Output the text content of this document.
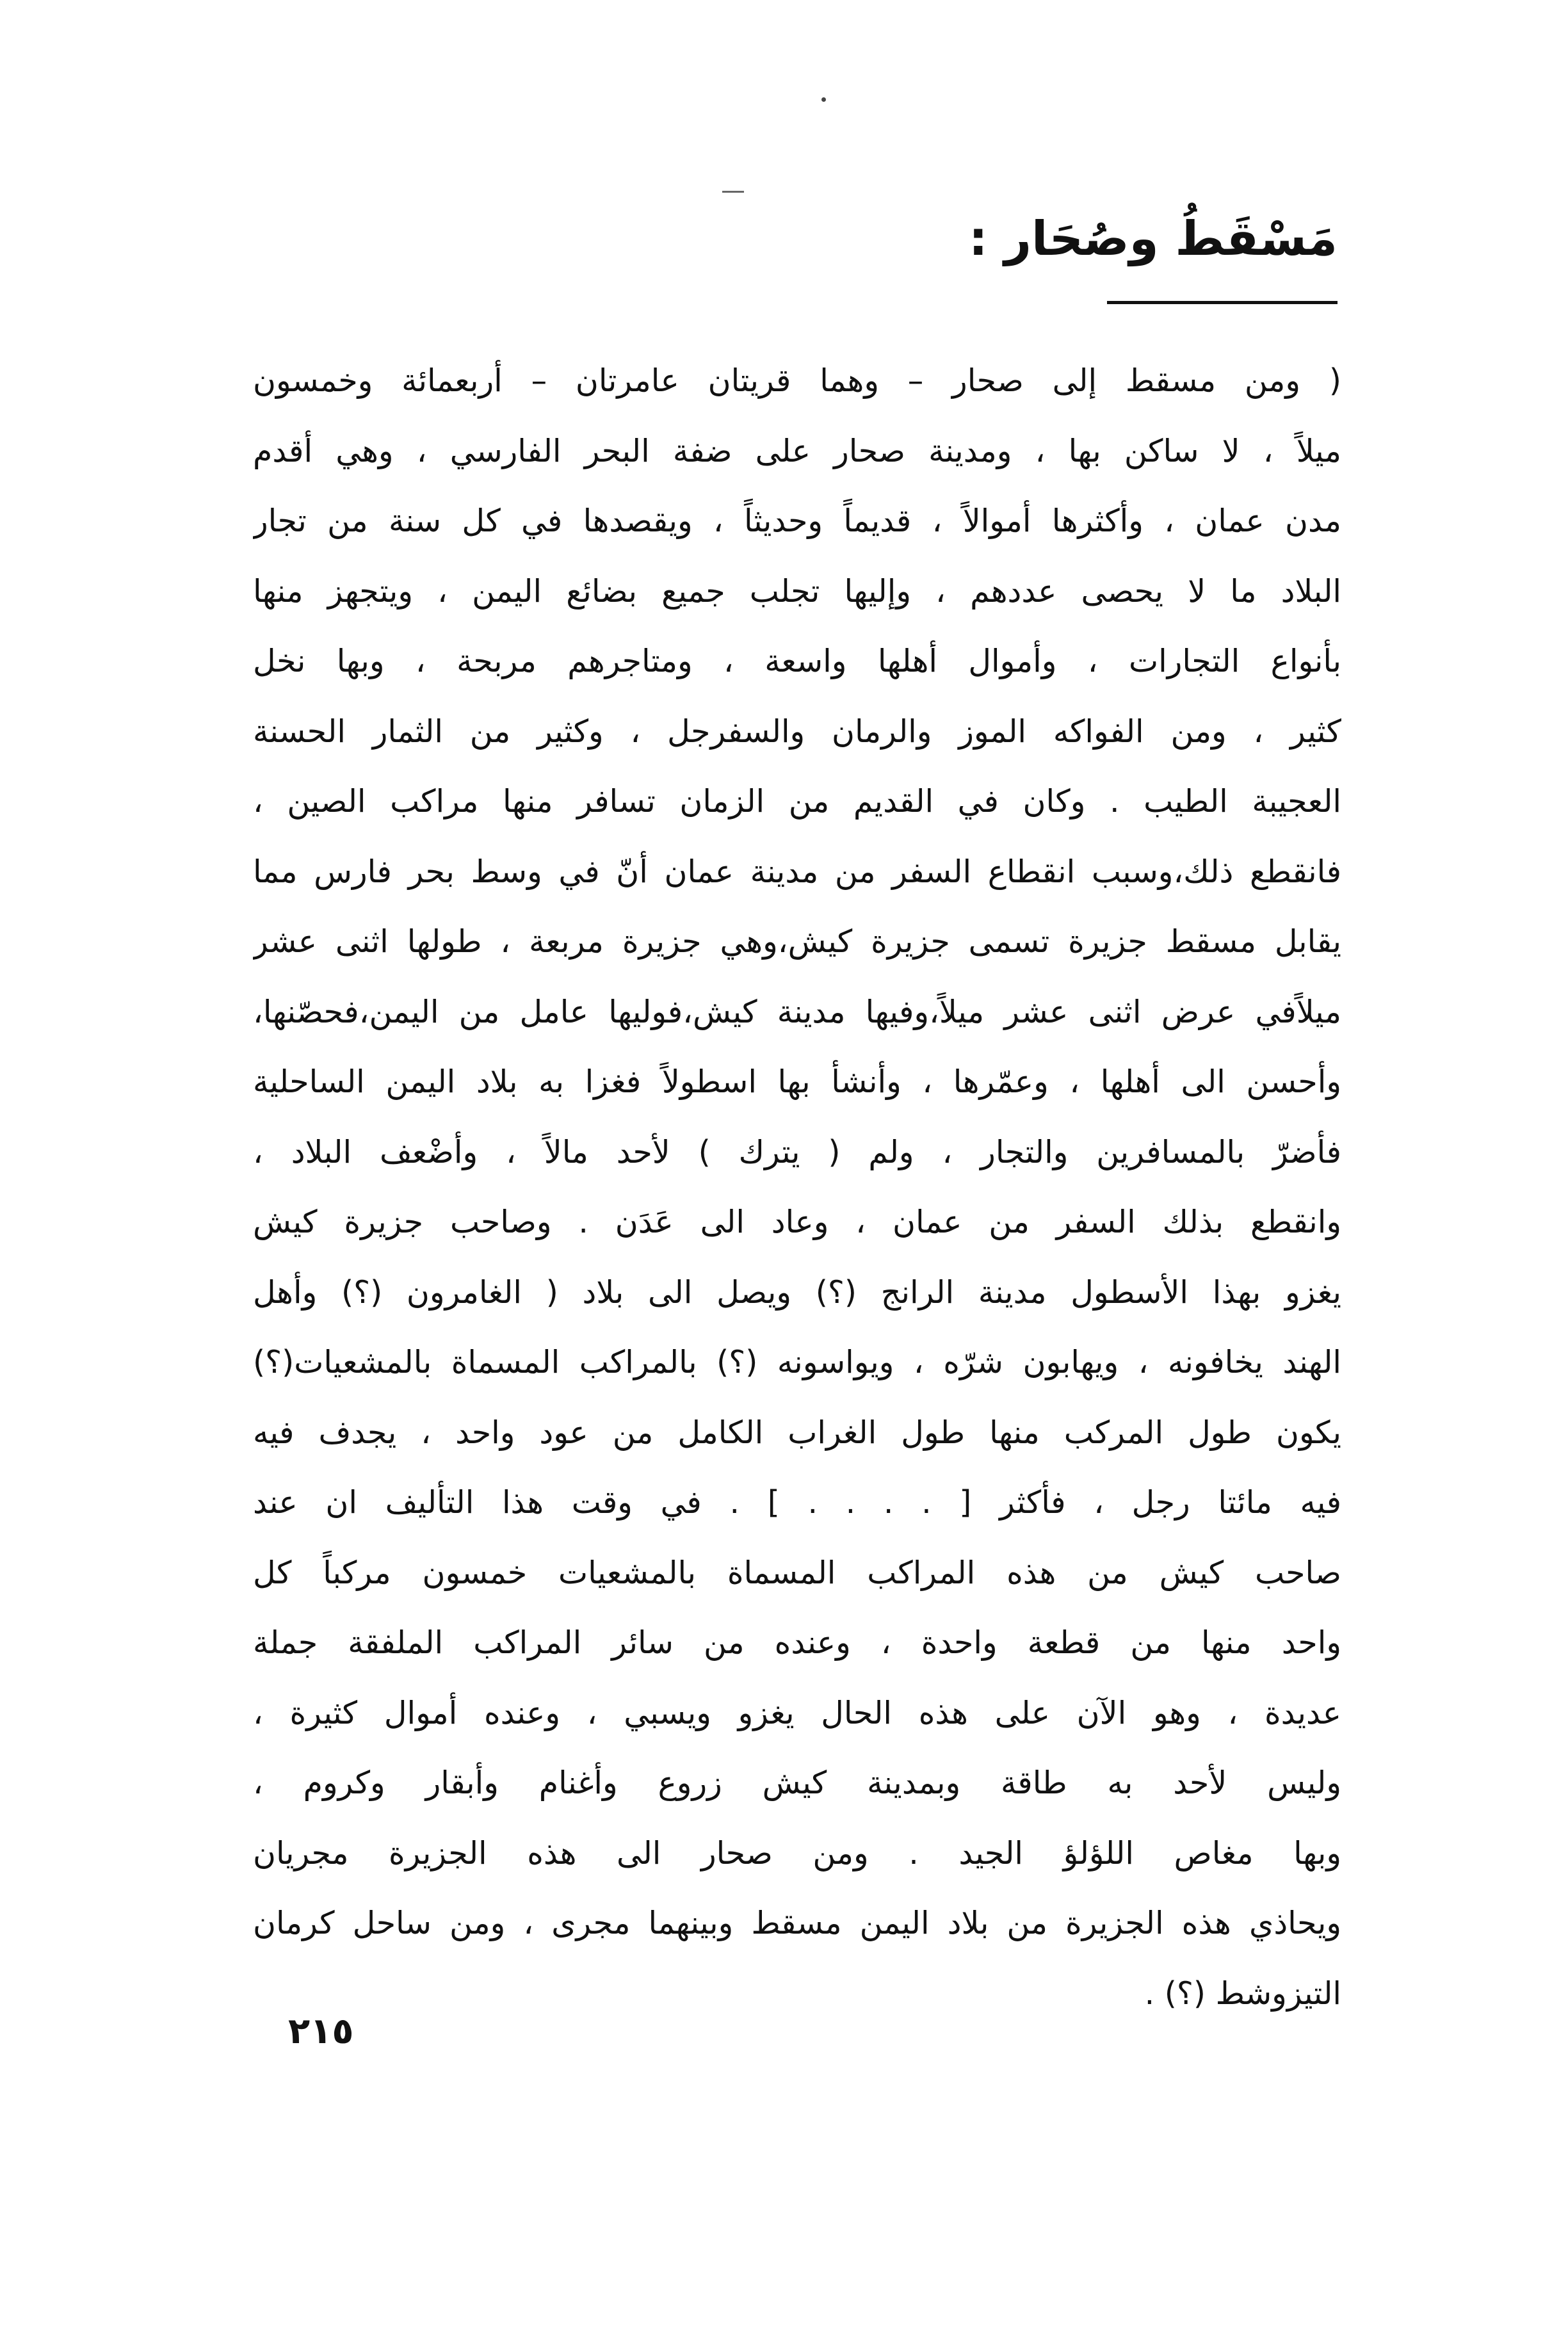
مَسْقَطُ وصُحَار :
( ومن مسقط إلى صحار – وهما قريتان عامرتان – أربعمائة وخمسون
ميلاً ، لا ساكن بها ، ومدينة صحار على ضفة البحر الفارسي ، وهي أقدم
مدن عمان ، وأكثرها أموالاً ، قديماً وحديثاً ، ويقصدها في كل سنة من تجار
البلاد ما لا يحصى عددهم ، وإليها تجلب جميع بضائع اليمن ، ويتجهز منها
بأنواع التجارات ، وأموال أهلها واسعة ، ومتاجرهم مربحة ، وبها نخل
كثير ، ومن الفواكه الموز والرمان والسفرجل ، وكثير من الثمار الحسنة
العجيبة الطيب . وكان في القديم من الزمان تسافر منها مراكب الصين ،
فانقطع ذلك،وسبب انقطاع السفر من مدينة عمان أنّ في وسط بحر فارس مما
يقابل مسقط جزيرة تسمى جزيرة كيش،وهي جزيرة مربعة ، طولها اثنى عشر
ميلاًفي عرض اثنى عشر ميلاً،وفيها مدينة كيش،فوليها عامل من اليمن،فحصّنها،
وأحسن الى أهلها ، وعمّرها ، وأنشأ بها اسطولاً فغزا به بلاد اليمن الساحلية
فأضرّ بالمسافرين والتجار ، ولم ( يترك ) لأحد مالاً ، وأضْعف البلاد ،
وانقطع بذلك السفر من عمان ، وعاد الى عَدَن . وصاحب جزيرة كيش
يغزو بهذا الأسطول مدينة الرانج (؟) ويصل الى بلاد ( الغامرون (؟) وأهل
الهند يخافونه ، ويهابون شرّه ، ويواسونه (؟) بالمراكب المسماة بالمشعيات(؟)
يكون طول المركب منها طول الغراب الكامل من عود واحد ، يجدف فيه
فيه مائتا رجل ، فأكثر [ . . . . ] . في وقت هذا التأليف ان عند
صاحب كيش من هذه المراكب المسماة بالمشعيات خمسون مركباً كل
واحد منها من قطعة واحدة ، وعنده من سائر المراكب الملفقة جملة
عديدة ، وهو الآن على هذه الحال يغزو ويسبي ، وعنده أموال كثيرة ،
وليس لأحد به طاقة وبمدينة كيش زروع وأغنام وأبقار وكروم ،
وبها مغاص اللؤلؤ الجيد . ومن صحار الى هذه الجزيرة مجريان
ويحاذي هذه الجزيرة من بلاد اليمن مسقط وبينهما مجرى ، ومن ساحل كرمان
التيزوشط (؟) .
٢١٥
